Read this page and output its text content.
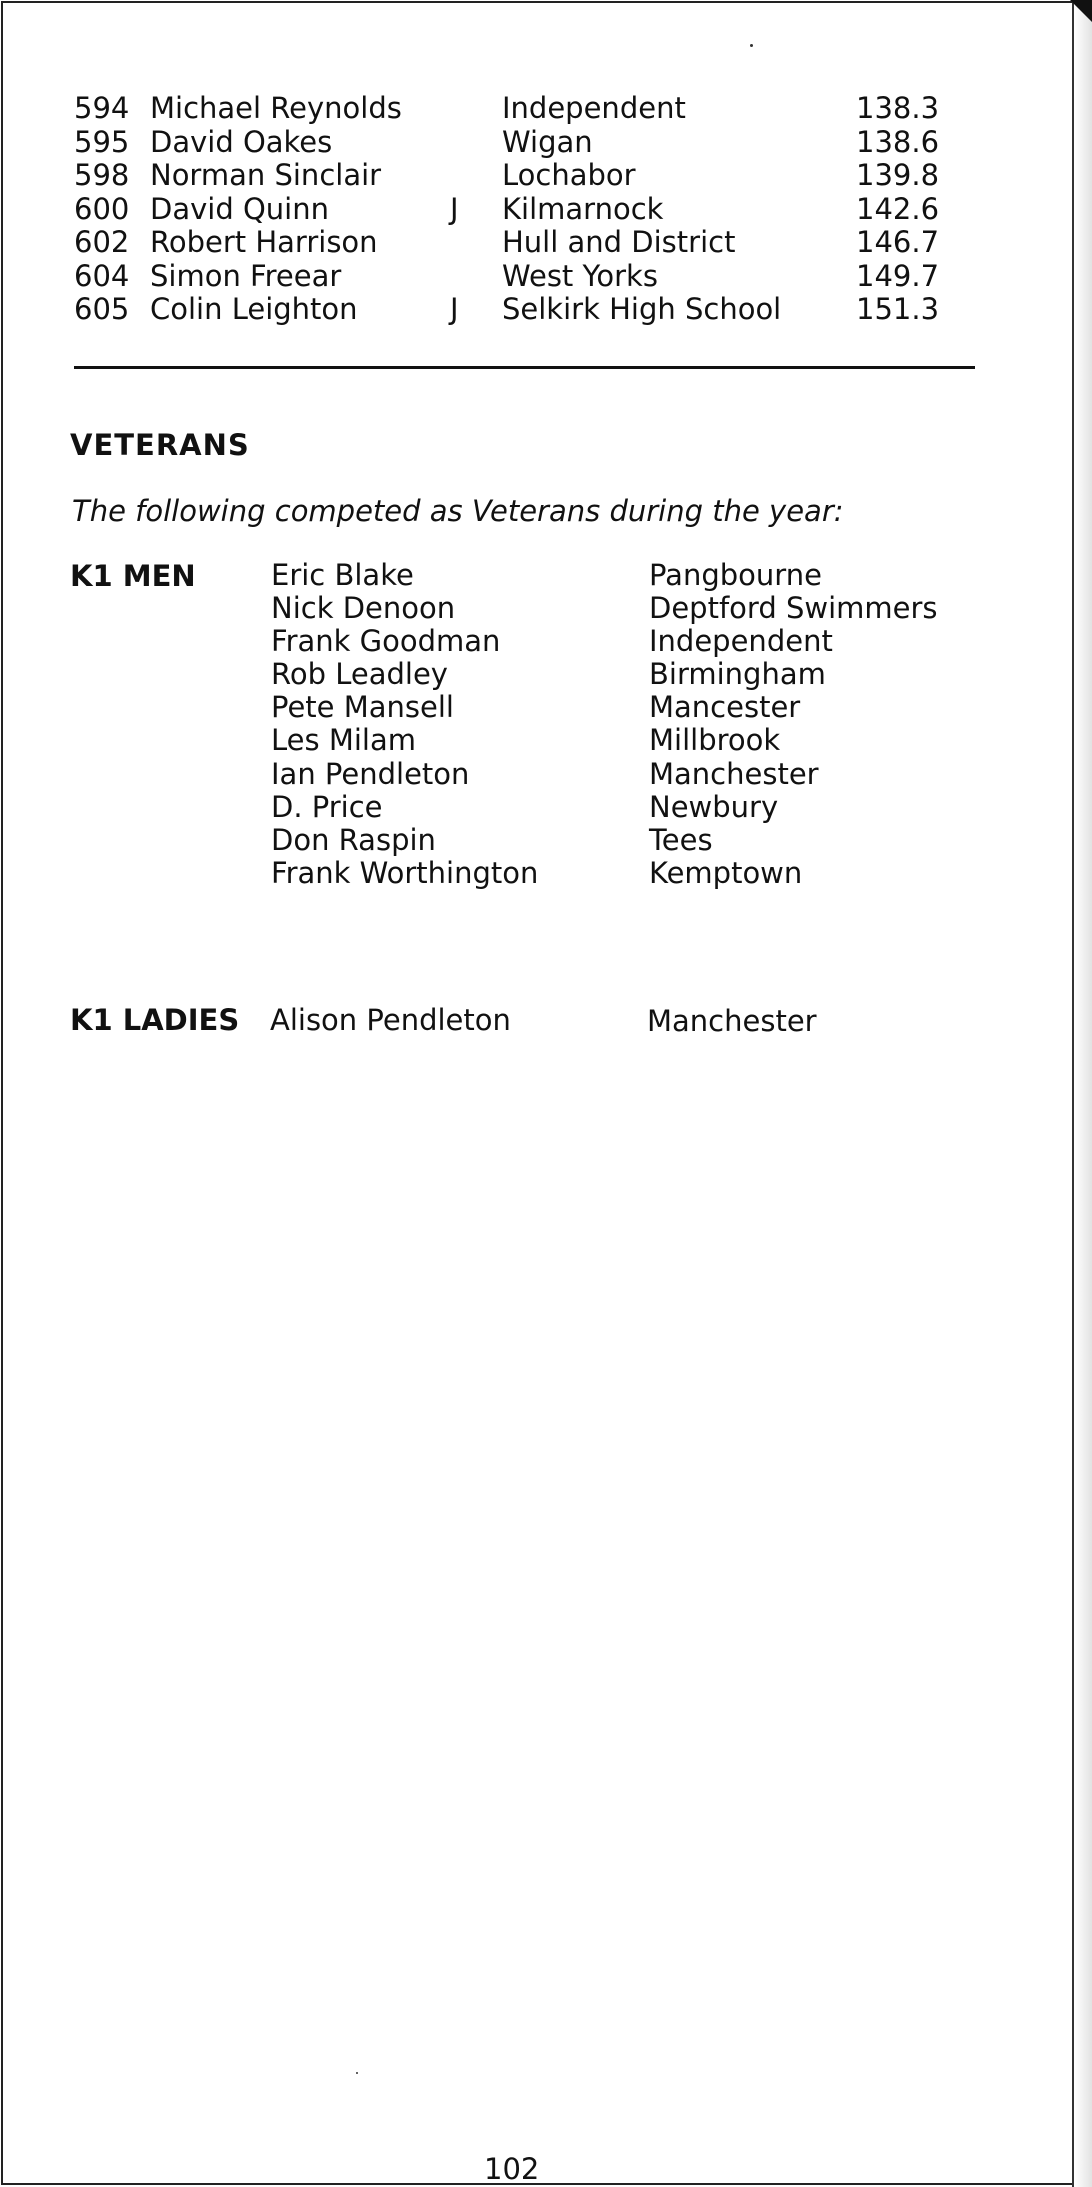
594 Michael Reynolds	Independent	138.3
595 David Oakes	Wigan	138.6
598 Norman Sinclair	Lochabor	139.8
600 David Quinn	J Kilmarnock	142.6
602 Robert Harrison	Hull and District	146.7
604 Simon Freear	West Yorks	149.7
605 Colin Leighton	J Selkirk High School	151.3
VETERANS
The following competed as Veterans during the year:
K1 MEN	Eric Blake	Pangbourne
Nick Denoon	Deptford Swimmers
Frank Goodman	Independent
Rob Leadley	Birmingham
Pete Mansell	Mancester
Les Milam	Millbrook
Ian Pendleton	Manchester
D. Price	Newbury
Don Raspin	Tees
Frank Worthington	Kemptown
K1 LADIES Alison Pendleton	Manchester
102
